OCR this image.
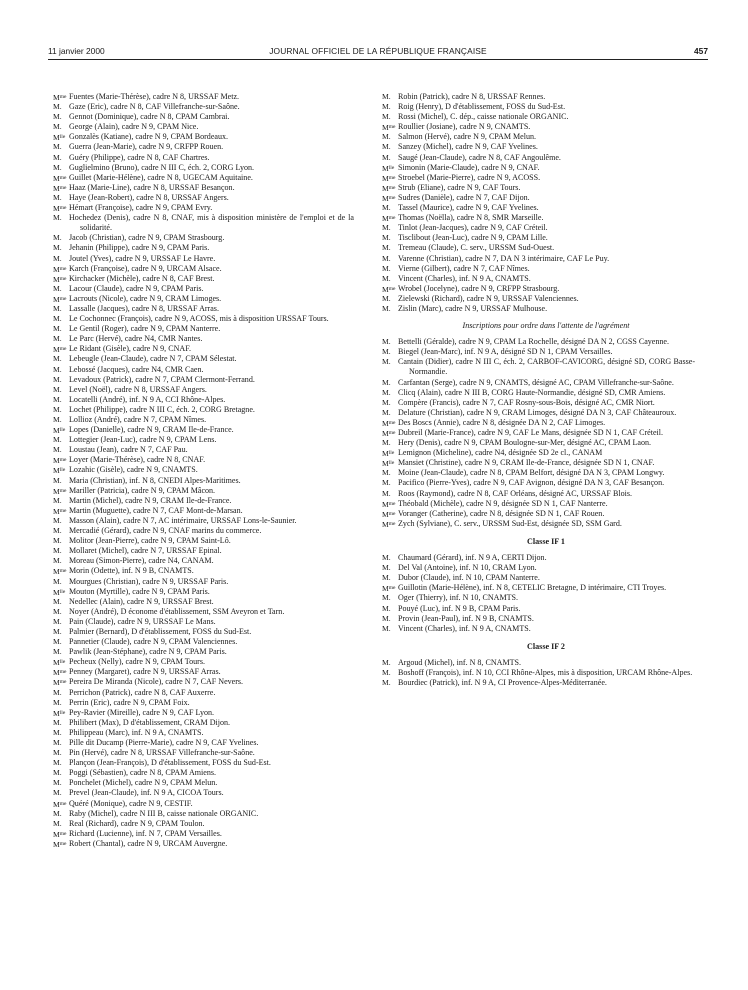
11 janvier 2000	JOURNAL OFFICIEL DE LA RÉPUBLIQUE FRANÇAISE	457
$M^{me}$ Fuentes (Marie-Thérèse), cadre N 8, URSSAF Metz.
M. Gaze (Eric), cadre N 8, CAF Villefranche-sur-Saône.
M. Gennot (Dominique), cadre N 8, CPAM Cambrai.
M. George (Alain), cadre N 9, CPAM Nice.
$M^{lle}$ Gonzalès (Katiane), cadre N 9, CPAM Bordeaux.
M. Guerra (Jean-Marie), cadre N 9, CRFPP Rouen.
M. Guéry (Philippe), cadre N 8, CAF Chartres.
M. Guglielmino (Bruno), cadre N III C, éch. 2, CORG Lyon.
$M^{me}$ Guillet (Marie-Hélène), cadre N 8, UGECAM Aquitaine.
$M^{me}$ Haaz (Marie-Line), cadre N 8, URSSAF Besançon.
M. Haye (Jean-Robert), cadre N 8, URSSAF Angers.
$M^{me}$ Hémart (Françoise), cadre N 9, CPAM Evry.
M. Hochedez (Denis), cadre N 8, CNAF, mis à disposition ministère de l'emploi et de la solidarité.
M. Jacob (Christian), cadre N 9, CPAM Strasbourg.
M. Jehanin (Philippe), cadre N 9, CPAM Paris.
M. Joutel (Yves), cadre N 9, URSSAF Le Havre.
$M^{me}$ Karch (Françoise), cadre N 9, URCAM Alsace.
$M^{me}$ Kirchacker (Michèle), cadre N 8, CAF Brest.
M. Lacour (Claude), cadre N 9, CPAM Paris.
$M^{me}$ Lacrouts (Nicole), cadre N 9, CRAM Limoges.
M. Lassalle (Jacques), cadre N 8, URSSAF Arras.
M. Le Cochonnec (François), cadre N 9, ACOSS, mis à disposition URSSAF Tours.
M. Le Gentil (Roger), cadre N 9, CPAM Nanterre.
M. Le Parc (Hervé), cadre N4, CMR Nantes.
$M^{me}$ Le Ridant (Gisèle), cadre N 9, CNAF.
M. Lebeugle (Jean-Claude), cadre N 7, CPAM Sélestat.
M. Lebossé (Jacques), cadre N4, CMR Caen.
M. Levadoux (Patrick), cadre N 7, CPAM Clermont-Ferrand.
M. Level (Noël), cadre N 8, URSSAF Angers.
M. Locatelli (André), inf. N 9 A, CCI Rhône-Alpes.
M. Lochet (Philippe), cadre N III C, éch. 2, CORG Bretagne.
M. Lollioz (André), cadre N 7, CPAM Nîmes.
$M^{lle}$ Lopes (Danielle), cadre N 9, CRAM Ile-de-France.
M. Lottegier (Jean-Luc), cadre N 9, CPAM Lens.
M. Loustau (Jean), cadre N 7, CAF Pau.
$M^{me}$ Loyer (Marie-Thérèse), cadre N 8, CNAF.
$M^{lle}$ Lozahic (Gisèle), cadre N 9, CNAMTS.
M. Maria (Christian), inf. N 8, CNEDI Alpes-Maritimes.
$M^{me}$ Mariller (Patricia), cadre N 9, CPAM Mâcon.
M. Martin (Michel), cadre N 9, CRAM Ile-de-France.
$M^{me}$ Martin (Muguette), cadre N 7, CAF Mont-de-Marsan.
M. Masson (Alain), cadre N 7, AC intérimaire, URSSAF Lons-le-Saunier.
M. Mercadié (Gérard), cadre N 9, CNAF marins du commerce.
M. Molitor (Jean-Pierre), cadre N 9, CPAM Saint-Lô.
M. Mollaret (Michel), cadre N 7, URSSAF Epinal.
M. Moreau (Simon-Pierre), cadre N4, CANAM.
$M^{me}$ Morin (Odette), inf. N 9 B, CNAMTS.
M. Mourgues (Christian), cadre N 9, URSSAF Paris.
$M^{lle}$ Mouton (Myrtille), cadre N 9, CPAM Paris.
M. Nedellec (Alain), cadre N 9, URSSAF Brest.
M. Noyer (André), D économe d'établissement, SSM Aveyron et Tarn.
M. Pain (Claude), cadre N 9, URSSAF Le Mans.
M. Palmier (Bernard), D d'établissement, FOSS du Sud-Est.
M. Pannetier (Claude), cadre N 9, CPAM Valenciennes.
M. Pawlik (Jean-Stéphane), cadre N 9, CPAM Paris.
$M^{lle}$ Pecheux (Nelly), cadre N 9, CPAM Tours.
$M^{me}$ Penney (Margaret), cadre N 9, URSSAF Arras.
$M^{me}$ Pereira De Miranda (Nicole), cadre N 7, CAF Nevers.
M. Perrichon (Patrick), cadre N 8, CAF Auxerre.
M. Perrin (Eric), cadre N 9, CPAM Foix.
$M^{lle}$ Pey-Ravier (Mireille), cadre N 9, CAF Lyon.
M. Philibert (Max), D d'établissement, CRAM Dijon.
M. Philippeau (Marc), inf. N 9 A, CNAMTS.
M. Pille dit Ducamp (Pierre-Marie), cadre N 9, CAF Yvelines.
M. Pin (Hervé), cadre N 8, URSSAF Villefranche-sur-Saône.
M. Plançon (Jean-François), D d'établissement, FOSS du Sud-Est.
M. Poggi (Sébastien), cadre N 8, CPAM Amiens.
M. Ponchelet (Michel), cadre N 9, CPAM Melun.
M. Prevel (Jean-Claude), inf. N 9 A, CICOA Tours.
$M^{me}$ Quéré (Monique), cadre N 9, CESTIF.
M. Raby (Michel), cadre N III B, caisse nationale ORGANIC.
M. Real (Richard), cadre N 9, CPAM Toulon.
$M^{me}$ Richard (Lucienne), inf. N 7, CPAM Versailles.
$M^{me}$ Robert (Chantal), cadre N 9, URCAM Auvergne.
M. Robin (Patrick), cadre N 8, URSSAF Rennes.
M. Roig (Henry), D d'établissement, FOSS du Sud-Est.
M. Rossi (Michel), C. dép., caisse nationale ORGANIC.
$M^{me}$ Roullier (Josiane), cadre N 9, CNAMTS.
M. Salmon (Hervé), cadre N 9, CPAM Melun.
M. Sanzey (Michel), cadre N 9, CAF Yvelines.
M. Saugé (Jean-Claude), cadre N 8, CAF Angoulême.
$M^{lle}$ Simonin (Marie-Claude), cadre N 9, CNAF.
$M^{me}$ Stroebel (Marie-Pierre), cadre N 9, ACOSS.
$M^{me}$ Strub (Eliane), cadre N 9, CAF Tours.
$M^{me}$ Sudres (Danièle), cadre N 7, CAF Dijon.
M. Tassel (Maurice), cadre N 9, CAF Yvelines.
$M^{me}$ Thomas (Noëlla), cadre N 8, SMR Marseille.
M. Tinlot (Jean-Jacques), cadre N 9, CAF Créteil.
M. Tisclibout (Jean-Luc), cadre N 9, CPAM Lille.
M. Tremeau (Claude), C. serv., URSSM Sud-Ouest.
M. Varenne (Christian), cadre N 7, DA N 3 intérimaire, CAF Le Puy.
M. Vierne (Gilbert), cadre N 7, CAF Nîmes.
M. Vincent (Charles), inf. N 9 A, CNAMTS.
$M^{me}$ Wrobel (Jocelyne), cadre N 9, CRFPP Strasbourg.
M. Zielewski (Richard), cadre N 9, URSSAF Valenciennes.
M. Zislin (Marc), cadre N 9, URSSAF Mulhouse.
Inscriptions pour ordre dans l'attente de l'agrément
M. Bettelli (Géralde), cadre N 9, CPAM La Rochelle, désigné DA N 2, CGSS Cayenne.
M. Biegel (Jean-Marc), inf. N 9 A, désigné SD N 1, CPAM Versailles.
M. Cantain (Didier), cadre N III C, éch. 2, CARBOF-CAVICORG, désigné SD, CORG Basse-Normandie.
M. Carfantan (Serge), cadre N 9, CNAMTS, désigné AC, CPAM Villefranche-sur-Saône.
M. Clicq (Alain), cadre N III B, CORG Haute-Normandie, désigné SD, CMR Amiens.
M. Compère (Francis), cadre N 7, CAF Rosny-sous-Bois, désigné AC, CMR Niort.
M. Delature (Christian), cadre N 9, CRAM Limoges, désigné DA N 3, CAF Châteauroux.
$M^{me}$ Des Boscs (Annie), cadre N 8, désignée DA N 2, CAF Limoges.
$M^{me}$ Dubreil (Marie-France), cadre N 9, CAF Le Mans, désignée SD N 1, CAF Créteil.
M. Hery (Denis), cadre N 9, CPAM Boulogne-sur-Mer, désigné AC, CPAM Laon.
$M^{lle}$ Lemignon (Micheline), cadre N4, désignée SD 2e cl., CANAM
$M^{lle}$ Mansiet (Christine), cadre N 9, CRAM Ile-de-France, désignée SD N 1, CNAF.
M. Moine (Jean-Claude), cadre N 8, CPAM Belfort, désigné DA N 3, CPAM Longwy.
M. Pacifico (Pierre-Yves), cadre N 9, CAF Avignon, désigné DA N 3, CAF Besançon.
M. Roos (Raymond), cadre N 8, CAF Orléans, désigné AC, URSSAF Blois.
$M^{me}$ Théobald (Michèle), cadre N 9, désignée SD N 1, CAF Nanterre.
$M^{me}$ Voranger (Catherine), cadre N 8, désignée SD N 1, CAF Rouen.
$M^{me}$ Zych (Sylviane), C. serv., URSSM Sud-Est, désignée SD, SSM Gard.
Classe IF 1
M. Chaumard (Gérard), inf. N 9 A, CERTI Dijon.
M. Del Val (Antoine), inf. N 10, CRAM Lyon.
M. Dubor (Claude), inf. N 10, CPAM Nanterre.
$M^{me}$ Guillotin (Marie-Hélène), inf. N 8, CETELIC Bretagne, D intérimaire, CTI Troyes.
M. Oger (Thierry), inf. N 10, CNAMTS.
M. Pouyé (Luc), inf. N 9 B, CPAM Paris.
M. Provin (Jean-Paul), inf. N 9 B, CNAMTS.
M. Vincent (Charles), inf. N 9 A, CNAMTS.
Classe IF 2
M. Argoud (Michel), inf. N 8, CNAMTS.
M. Boshoff (François), inf. N 10, CCI Rhône-Alpes, mis à disposition, URCAM Rhône-Alpes.
M. Bourdiec (Patrick), inf. N 9 A, CI Provence-Alpes-Méditerranée.
